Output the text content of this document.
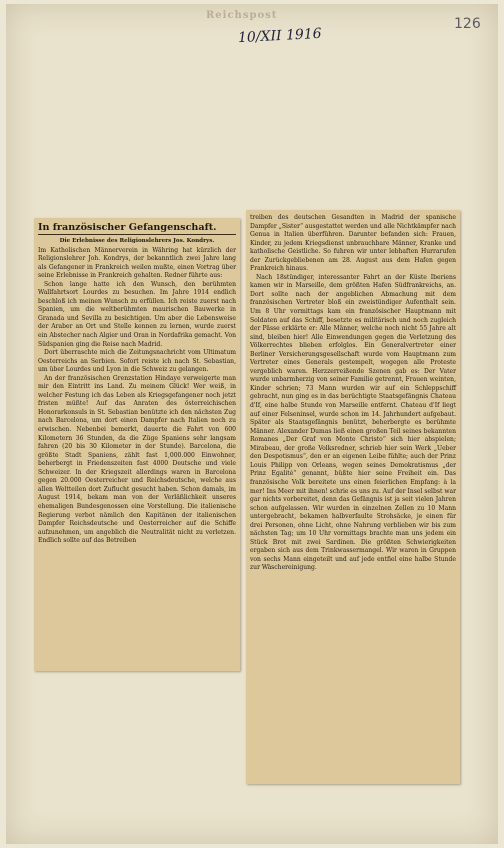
Reichspost
126
10/XII 1916
In französischer Gefangenschaft.
Die Erlebnisse des Religionslehrers Jos. Kondrys.

Im Katholischen Männerverein in Währing hat kürzlich der Religionslehrer Joh. Kondrys, der bekanntlich zwei Jahre lang als Gefangener in Frankreich weilen mußte, einen Vortrag über seine Erlebnisse in Frankreich gehalten. Redner führte aus:

Schon lange hatte ich den Wunsch, den berühmten Wallfahrtsort Lourdes zu besuchen. Im Jahre 1914 endlich beschloß ich meinen Wunsch zu erfüllen. Ich reiste zuerst nach Spanien, um die weltberühmten maurischen Bauwerke in Granada und Sevilla zu besichtigen. Um aber die Lebensweise der Araber an Ort und Stelle kennen zu lernen, wurde zuerst ein Abstecher nach Algier und Oran in Nordafrika gemacht. Von Südspanien ging die Reise nach Madrid.

Dort überraschte mich die Zeitungsnachricht vom Ultimatum Oesterreichs an Serbien. Sofort reiste ich nach St. Sebastian, um über Lourdes und Lyon in die Schweiz zu gelangen.

An der französischen Grenzstation Hindaye verweigerte man mir den Eintritt ins Land. Zu meinem Glück! Wer weiß, in welcher Festung ich das Leben als Kriegsgefangener noch jetzt fristen müßte! Auf das Anraten des österreichischen Honorarkonsuls in St. Sebastian benützte ich den nächsten Zug nach Barcelona, um dort einen Dampfer nach Italien noch zu erwischen. Nebenbei bemerkt, dauerte die Fahrt von 600 Kilometern 36 Stunden, da die Züge Spaniens sehr langsam fahren (20 bis 30 Kilometer in der Stunde). Barcelona, die größte Stadt Spaniens, zählt fast 1,000.000 Einwohner, beherbergt in Friedenszeiten fast 4000 Deutsche und viele Schweizer. In der Kriegszeit allerdings waren in Barcelona gegen 20.000 Oesterreicher und Reichsdeutsche, welche aus allen Weltteilen dort Zuflucht gesucht haben. Schon damals, im August 1914, bekam man von der Verläßlichkeit unseres ehemaligen Bundesgenossen eine Vorstellung. Die italienische Regierung verbot nämlich den Kapitänen der italienischen Dampfer Reichsdeutsche und Oesterreicher auf die Schiffe aufzunehmen, um angeblich die Neutralität nicht zu verletzen. Endlich sollte auf das Betreiben

treiben des deutschen Gesandten in Madrid der spanische Dampfer „Sister“ ausgestattet werden und alle Nichtkämpfer nach Genua in Italien überführen. Darunter befanden sich: Frauen, Kinder, zu jedem Kriegsdienst unbrauchbare Männer, Kranke und katholische Geistliche. So fuhren wir unter lebhaften Hurrarufen der Zurückgebliebenen am 28. August aus dem Hafen gegen Frankreich hinaus.

Nach 18stündiger, interessanter Fahrt an der Küste Iberiens kamen wir in Marseille, dem größten Hafen Südfrankreichs, an. Dort sollte nach der angeblichen Abmachung mit dem französischen Vertreter bloß ein zweistündiger Aufenthalt sein. Um 8 Uhr vormittags kam ein französischer Hauptmann mit Soldaten auf das Schiff, besetzte es militärisch und noch zugleich der Pässe erklärte er: Alle Männer, welche noch nicht 55 Jahre alt sind, bleiben hier! Alle Einwendungen gegen die Verletzung des Völkerrechtes blieben erfolglos. Ein Generalvertreter einer Berliner Versicherungsgesellschaft wurde vom Hauptmann zum Vertreter eines Generals gestempelt, wogegen alle Proteste vergeblich waren. Herzzerreißende Szenen gab es: Der Vater wurde unbarmherzig von seiner Familie getrennt, Frauen weinten, Kinder schrien; 73 Mann wurden wir auf ein Schleppschiff gebracht, nun ging es in das berüchtigte Staatsgefängnis Chateau d'If, eine halbe Stunde von Marseille entfernt. Chateau d'If liegt auf einer Felseninsel, wurde schon im 14. Jahrhundert aufgebaut. Später als Staatsgefängnis benützt, beherbergte es berühmte Männer. Alexander Dumas ließ einen großen Teil seines bekannten Romanes „Der Graf von Monte Christo“ sich hier abspielen; Mirabeau, der große Volksredner, schrieb hier sein Werk „Ueber den Despotismus“, den er an eigenen Leibe fühlte; auch der Prinz Louis Philipp von Orleans, wegen seines Demokratismus „der Prinz Egalité“ genannt, büßte hier seine Freiheit ein. Das französische Volk bereitete uns einen feierlichen Empfang: à la mer! Ins Meer mit ihnen! schrie es uns zu. Auf der Insel selbst war gar nichts vorbereitet, denn das Gefängnis ist ja seit vielen Jahren schon aufgelassen. Wir wurden in einzelnen Zellen zu 10 Mann untergebracht, bekamen halbverfaulte Strohsäcke, je einen für drei Personen, ohne Licht, ohne Nahrung verblieben wir bis zum nächsten Tag; um 10 Uhr vormittags brachte man uns jedem ein Stück Brot mit zwei Sardinen. Die größten Schwierigkeiten ergaben sich aus dem Trinkwassermangel. Wir waren in Gruppen von sechs Mann eingeteilt und auf jede entfiel eine halbe Stunde zur Wäschereinigung.
